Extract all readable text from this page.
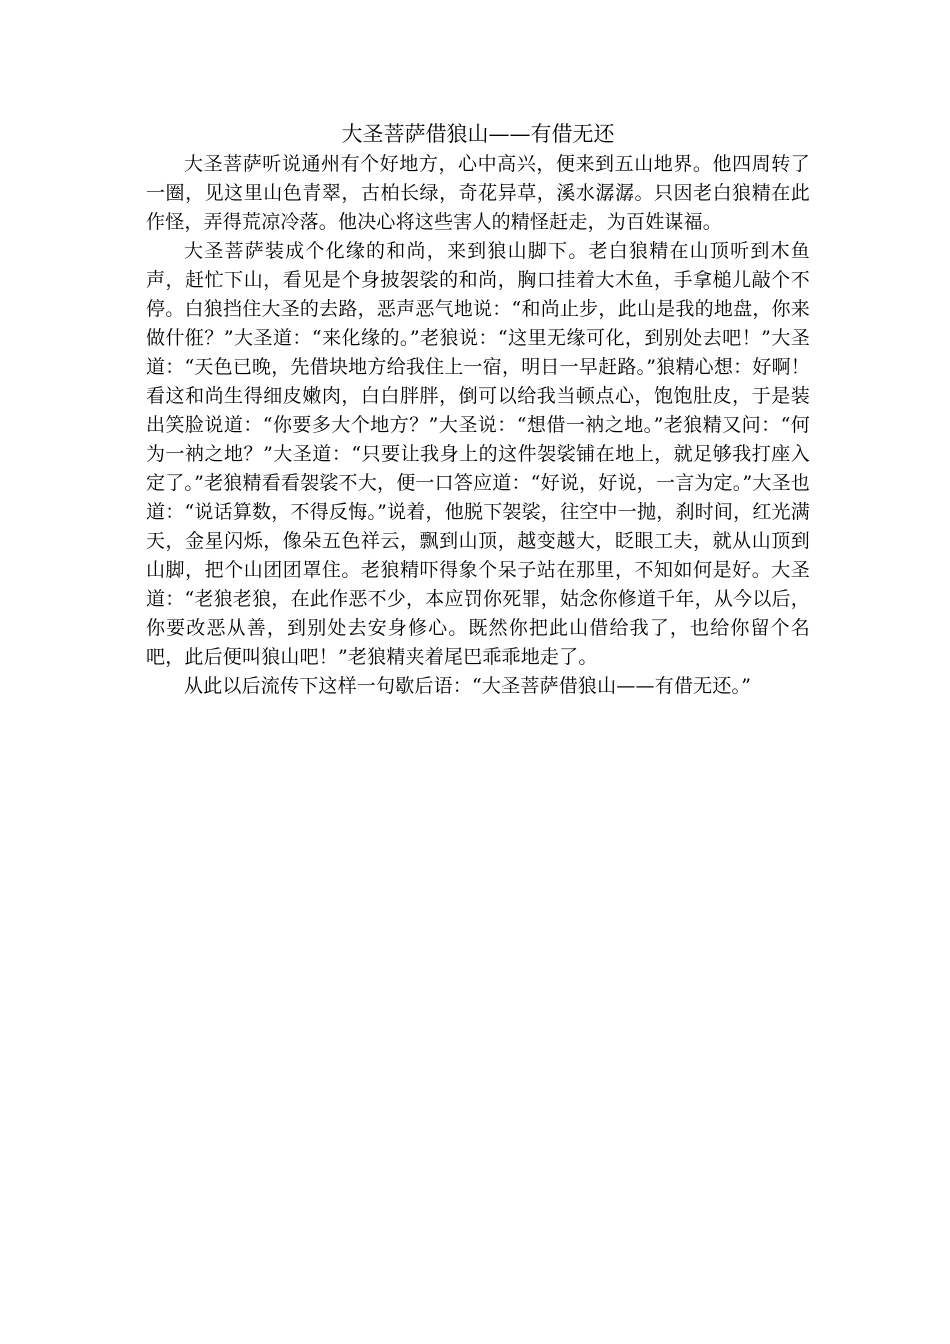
大圣菩萨借狼山——有借无还

大圣菩萨听说通州有个好地方，心中高兴，便来到五山地界。他四周转了一圈，见这里山色青翠，古柏长绿，奇花异草，溪水潺潺。只因老白狼精在此作怪，弄得荒凉冷落。他决心将这些害人的精怪赶走，为百姓谋福。

大圣菩萨装成个化缘的和尚，来到狼山脚下。老白狼精在山顶听到木鱼声，赶忙下山，看见是个身披袈裟的和尚，胸口挂着大木鱼，手拿槌儿敲个不停。白狼挡住大圣的去路，恶声恶气地说：“和尚止步，此山是我的地盘，你来做什俇？”大圣道：“来化缘的。”老狼说：“这里无缘可化，到别处去吧！”大圣道：“天色已晚，先借块地方给我住上一宿，明日一早赶路。”狼精心想：好啊！看这和尚生得细皮嫩肉，白白胖胖，倒可以给我当顿点心，饱饱肚皮，于是装出笑脸说道：“你要多大个地方？”大圣说：“想借一衲之地。”老狼精又问：“何为一衲之地？”大圣道：“只要让我身上的这件袈裟铺在地上，就足够我打座入定了。”老狼精看看袈裟不大，便一口答应道：“好说，好说，一言为定。”大圣也道：“说话算数，不得反悔。”说着，他脱下袈裟，往空中一抛，刹时间，红光满天，金星闪烁，像朵五色祥云，飘到山顶，越变越大，眨眼工夫，就从山顶到山脚，把个山团团罩住。老狼精吓得象个呆子站在那里，不知如何是好。大圣道：“老狼老狼，在此作恶不少，本应罚你死罪，姑念你修道千年，从今以后，你要改恶从善，到别处去安身修心。既然你把此山借给我了，也给你留个名吧，此后便叫狼山吧！”老狼精夹着尾巴乖乖地走了。

从此以后流传下这样一句歇后语：“大圣菩萨借狼山——有借无还。”
